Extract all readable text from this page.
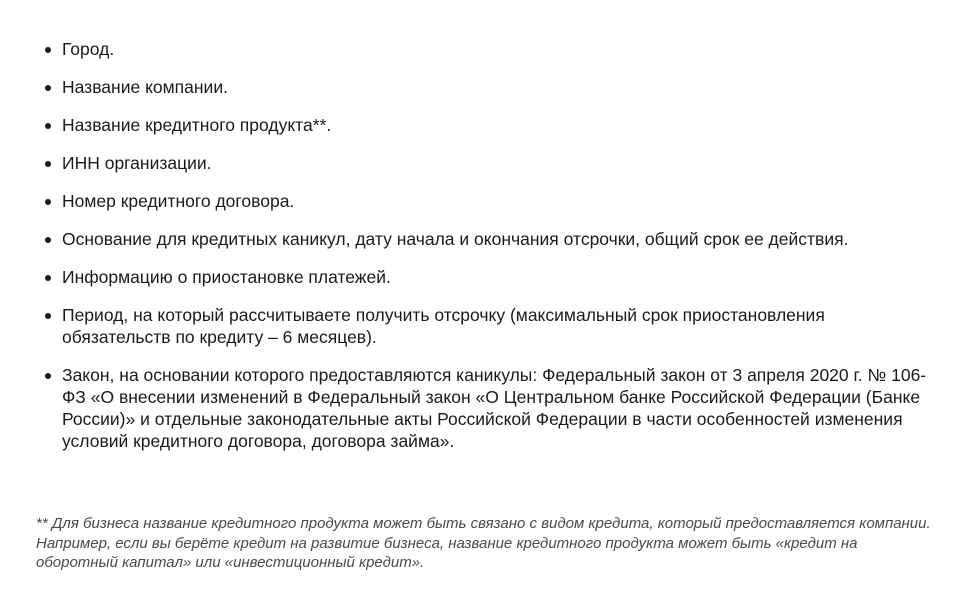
Город.
Название компании.
Название кредитного продукта**.
ИНН организации.
Номер кредитного договора.
Основание для кредитных каникул, дату начала и окончания отсрочки, общий срок ее действия.
Информацию о приостановке платежей.
Период, на который рассчитываете получить отсрочку (максимальный срок приостановления обязательств по кредиту – 6 месяцев).
Закон, на основании которого предоставляются каникулы: Федеральный закон от 3 апреля 2020 г. № 106-ФЗ «О внесении изменений в Федеральный закон «О Центральном банке Российской Федерации (Банке России)» и отдельные законодательные акты Российской Федерации в части особенностей изменения условий кредитного договора, договора займа».

** Для бизнеса название кредитного продукта может быть связано с видом кредита, который предоставляется компании. Например, если вы берёте кредит на развитие бизнеса, название кредитного продукта может быть «кредит на оборотный капитал» или «инвестиционный кредит».
